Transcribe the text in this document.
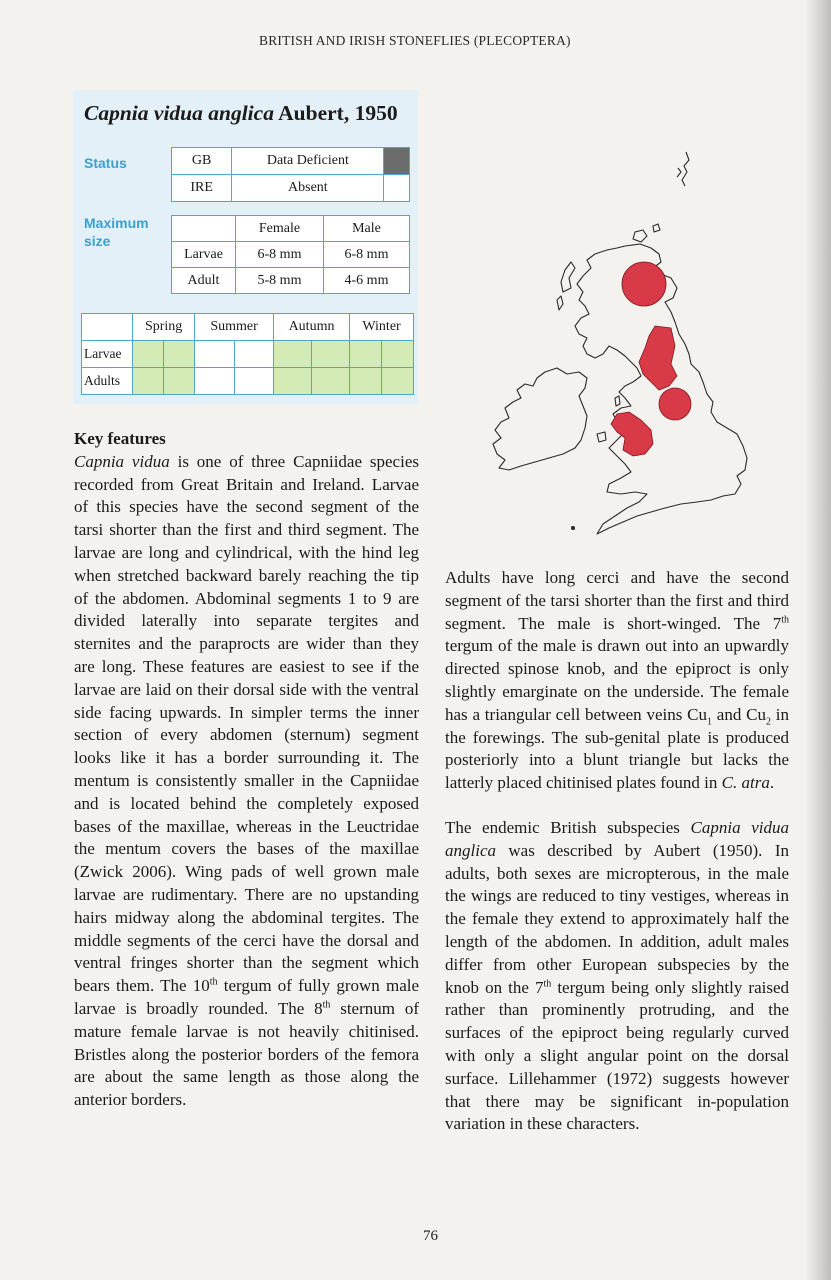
BRITISH AND IRISH STONEFLIES (PLECOPTERA)
Capnia vidua anglica Aubert, 1950
Status	GB	Data Deficient	
IRE	Absent	
Maximum
size
	Female	Male
Larvae	6-8 mm	6-8 mm
Adult	5-8 mm	4-6 mm
	Spring		Summer		Autumn		Winter	
Larvae								
Adults								

Key features

Capnia vidua is one of three Capniidae species recorded from Great Britain and Ireland. Larvae of this species have the second segment of the tarsi shorter than the first and third segment. The larvae are long and cylindrical, with the hind leg when stretched backward barely reaching the tip of the abdomen. Abdominal segments 1 to 9 are divided laterally into separate tergites and sternites and the paraprocts are wider than they are long. These features are easiest to see if the larvae are laid on their dorsal side with the ventral side facing upwards. In simpler terms the inner section of every abdomen (sternum) segment looks like it has a border surrounding it. The mentum is consistently smaller in the Capniidae and is located behind the completely exposed bases of the maxillae, whereas in the Leuctridae the mentum covers the bases of the maxillae (Zwick 2006). Wing pads of well grown male larvae are rudimentary. There are no upstanding hairs midway along the abdominal tergites. The middle segments of the cerci have the dorsal and ventral fringes shorter than the segment which bears them. The 10th tergum of fully grown male larvae is broadly rounded. The 8th sternum of mature female larvae is not heavily chitinised. Bristles along the posterior borders of the femora are about the same length as those along the anterior borders.

Adults have long cerci and have the second segment of the tarsi shorter than the first and third segment. The male is short-winged. The 7th tergum of the male is drawn out into an upwardly directed spinose knob, and the epiproct is only slightly emarginate on the underside. The female has a triangular cell between veins $Cu_1$ and $Cu_2$ in the forewings. The sub-genital plate is produced posteriorly into a blunt triangle but lacks the latterly placed chitinised plates found in C. atra.

The endemic British subspecies Capnia vidua anglica was described by Aubert (1950). In adults, both sexes are micropterous, in the male the wings are reduced to tiny vestiges, whereas in the female they extend to approximately half the length of the abdomen. In addition, adult males differ from other European subspecies by the knob on the 7th tergum being only slightly raised rather than prominently protruding, and the surfaces of the epiproct being regularly curved with only a slight angular point on the dorsal surface. Lillehammer (1972) suggests however that there may be significant in-population variation in these characters.

76
